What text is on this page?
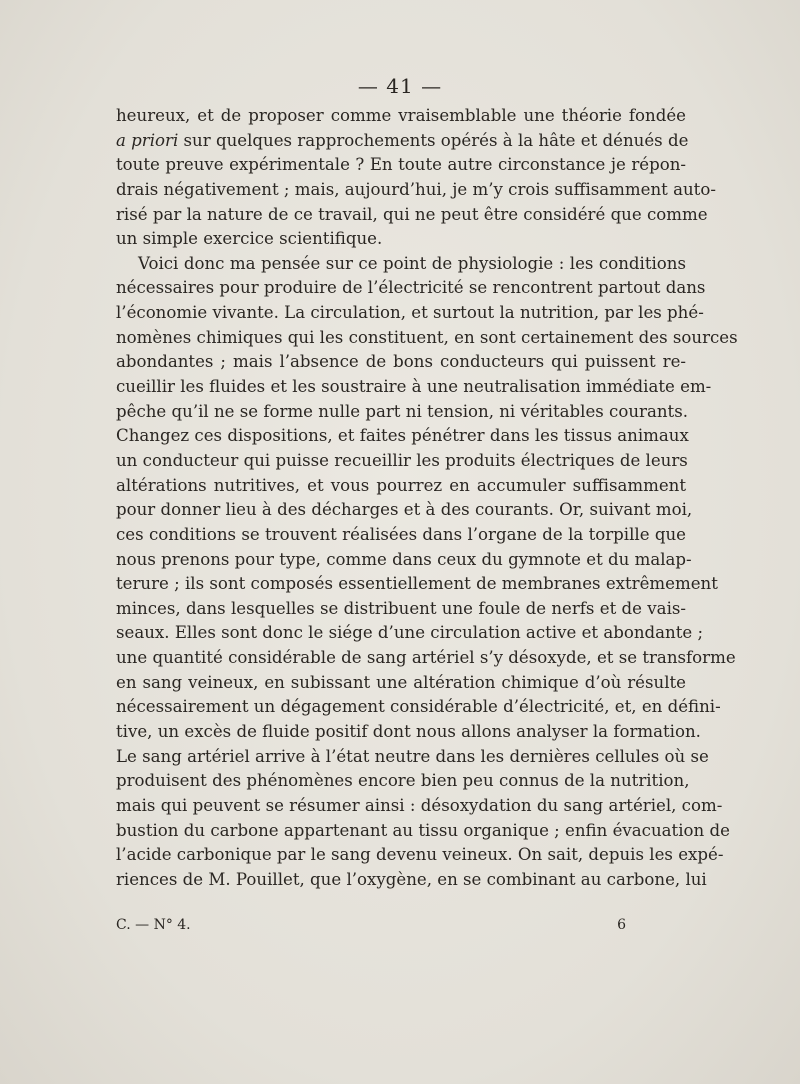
— 41 —
heureux, et de proposer comme vraisemblable une théorie fondée
a priori sur quelques rapprochements opérés à la hâte et dénués de
toute preuve expérimentale ? En toute autre circonstance je répon-
drais négativement ; mais, aujourd’hui, je m’y crois suffisamment auto-
risé par la nature de ce travail, qui ne peut être considéré que comme
un simple exercice scientifique.
Voici donc ma pensée sur ce point de physiologie : les conditions
nécessaires pour produire de l’électricité se rencontrent partout dans
l’économie vivante. La circulation, et surtout la nutrition, par les phé-
nomènes chimiques qui les constituent, en sont certainement des sources
abondantes ; mais l’absence de bons conducteurs qui puissent re-
cueillir les fluides et les soustraire à une neutralisation immédiate em-
pêche qu’il ne se forme nulle part ni tension, ni véritables courants.
Changez ces dispositions, et faites pénétrer dans les tissus animaux
un conducteur qui puisse recueillir les produits électriques de leurs
altérations nutritives, et vous pourrez en accumuler suffisamment
pour donner lieu à des décharges et à des courants. Or, suivant moi,
ces conditions se trouvent réalisées dans l’organe de la torpille que
nous prenons pour type, comme dans ceux du gymnote et du malap-
terure ; ils sont composés essentiellement de membranes extrêmement
minces, dans lesquelles se distribuent une foule de nerfs et de vais-
seaux. Elles sont donc le siége d’une circulation active et abondante ;
une quantité considérable de sang artériel s’y désoxyde, et se transforme
en sang veineux, en subissant une altération chimique d’où résulte
nécessairement un dégagement considérable d’électricité, et, en défini-
tive, un excès de fluide positif dont nous allons analyser la formation.
Le sang artériel arrive à l’état neutre dans les dernières cellules où se
produisent des phénomènes encore bien peu connus de la nutrition,
mais qui peuvent se résumer ainsi : désoxydation du sang artériel, com-
bustion du carbone appartenant au tissu organique ; enfin évacuation de
l’acide carbonique par le sang devenu veineux. On sait, depuis les expé-
riences de M. Pouillet, que l’oxygène, en se combinant au carbone, lui
C. — N° 4.	6
